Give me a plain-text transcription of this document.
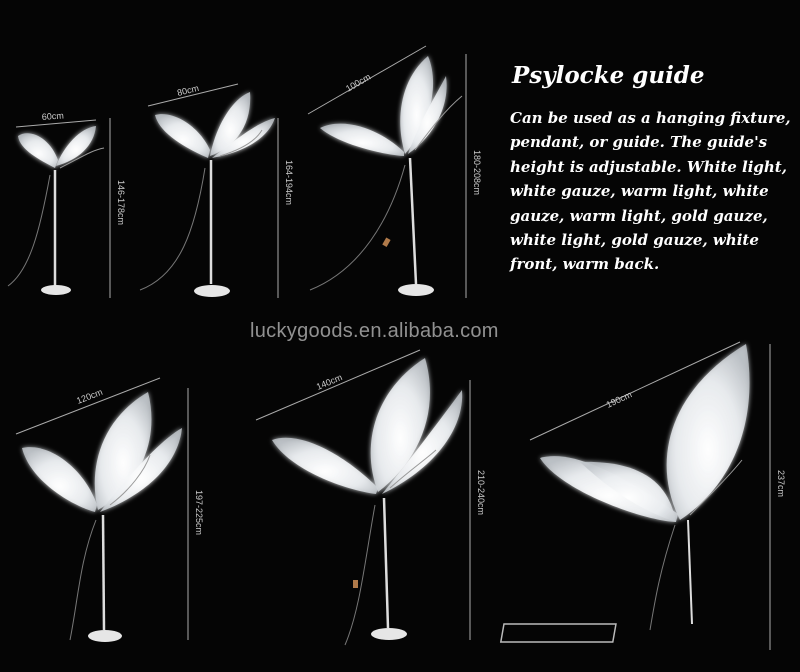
60cm
146-178cm
80cm
164-194cm
100cm
180-208cm
120cm
197-225cm
140cm
210-240cm
190cm
237cm
Psylocke guide
Can be used as a hanging fixture, pendant, or guide. The guide's height is adjustable. White light, white gauze, warm light, white gauze, warm light, gold gauze, white light, gold gauze, white front, warm back.
luckygoods.en.alibaba.com
